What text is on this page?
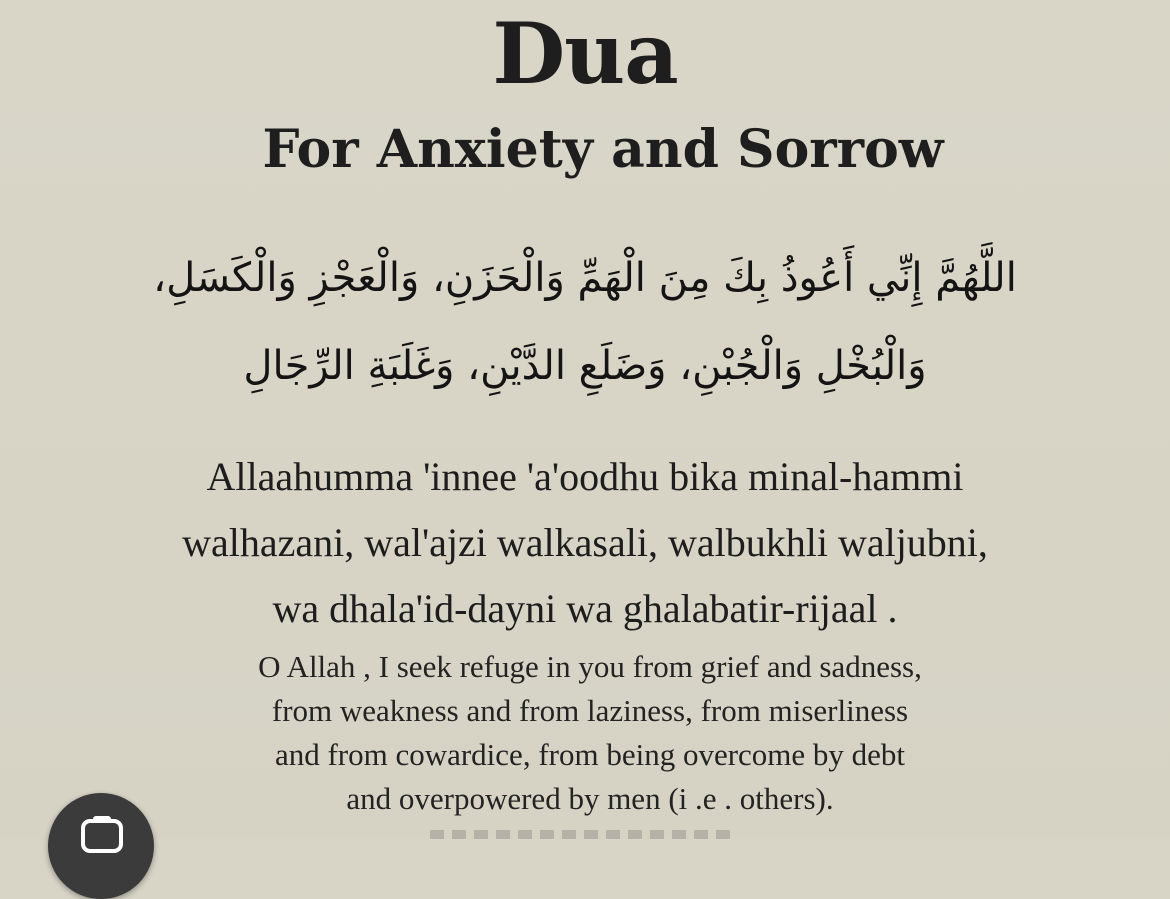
Dua
For Anxiety and Sorrow
اللَّهُمَّ إِنِّي أَعُوذُ بِكَ مِنَ الْهَمِّ وَالْحَزَنِ، وَالْعَجْزِ وَالْكَسَلِ،
وَالْبُخْلِ وَالْجُبْنِ، وَضَلَعِ الدَّيْنِ، وَغَلَبَةِ الرِّجَالِ
Allaahumma 'innee 'a'oodhu bika minal-hammi
walhazani, wal'ajzi walkasali, walbukhli waljubni,
wa dhala'id-dayni wa ghalabatir-rijaal .
O Allah , I seek refuge in you from grief and sadness,
from weakness and from laziness, from miserliness
and from cowardice, from being overcome by debt
and overpowered by men (i .e . others).
